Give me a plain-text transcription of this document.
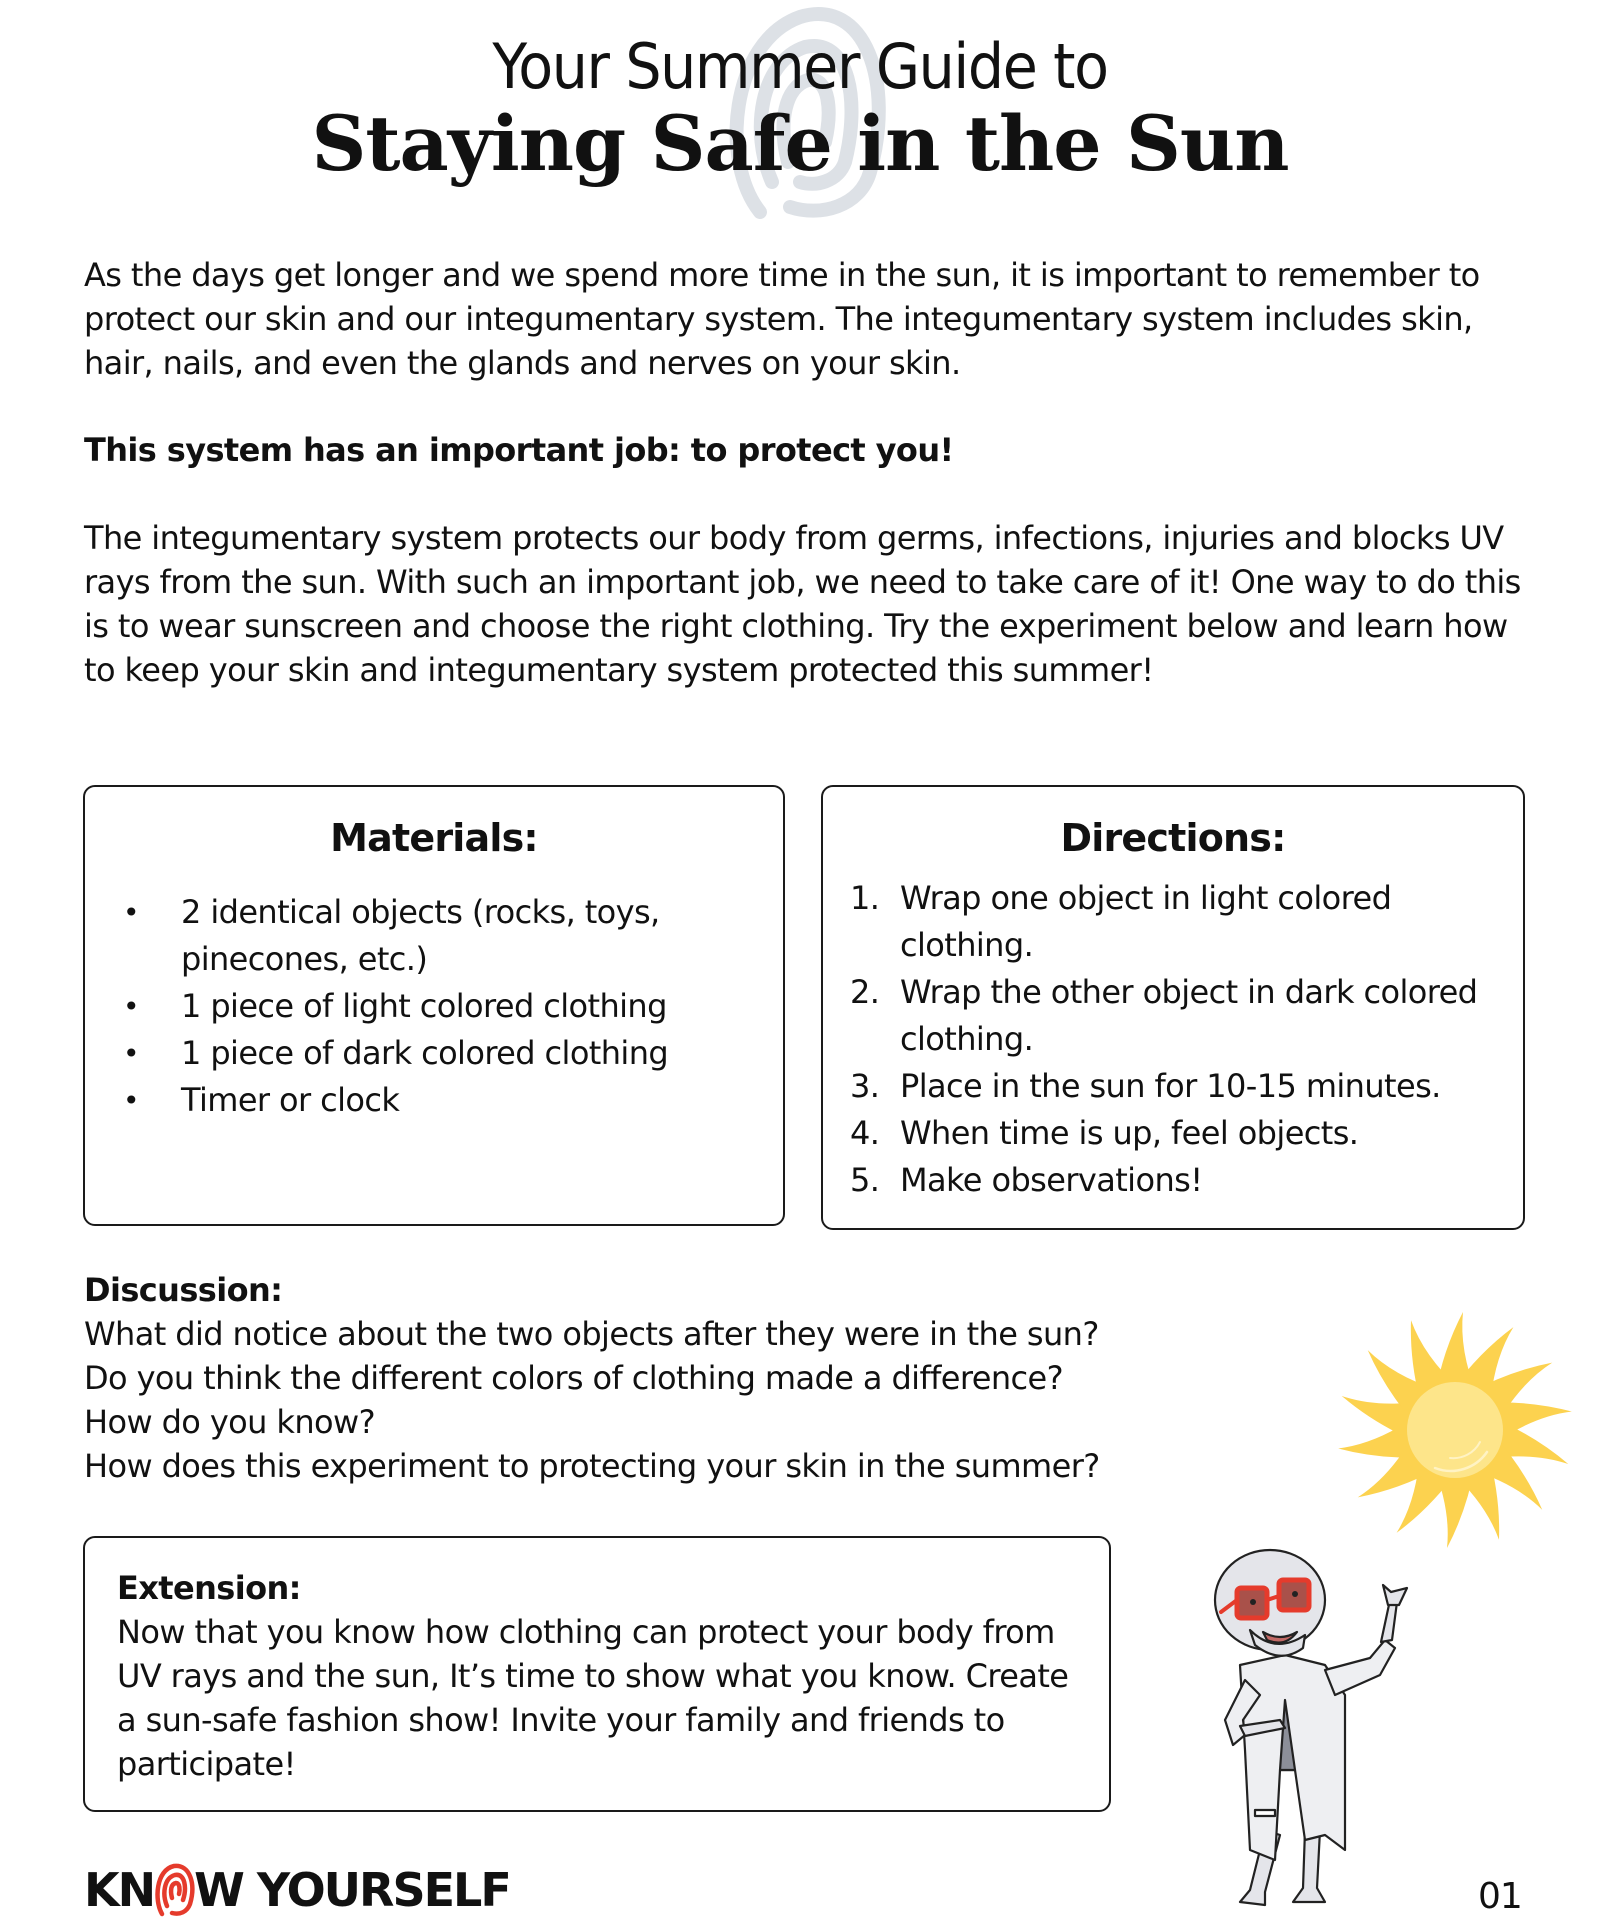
Your Summer Guide to
Staying Safe in the Sun
As the days get longer and we spend more time in the sun, it is important to remember to protect our skin and our integumentary system. The integumentary system includes skin, hair, nails, and even the glands and nerves on your skin.
This system has an important job: to protect you!
The integumentary system protects our body from germs, infections, injuries and blocks UV rays from the sun. With such an important job, we need to take care of it! One way to do this is to wear sunscreen and choose the right clothing. Try the experiment below and learn how to keep your skin and integumentary system protected this summer!
Materials:
• 2 identical objects (rocks, toys, pinecones, etc.)
• 1 piece of light colored clothing
• 1 piece of dark colored clothing
• Timer or clock
Directions:
1. Wrap one object in light colored clothing.
2. Wrap the other object in dark colored clothing.
3. Place in the sun for 10-15 minutes.
4. When time is up, feel objects.
5. Make observations!
Discussion:
What did notice about the two objects after they were in the sun?
Do you think the different colors of clothing made a difference?
How do you know?
How does this experiment to protecting your skin in the summer?
Extension:
Now that you know how clothing can protect your body from UV rays and the sun, It’s time to show what you know. Create a sun-safe fashion show! Invite your family and friends to participate!
KN W YOURSELF	01
